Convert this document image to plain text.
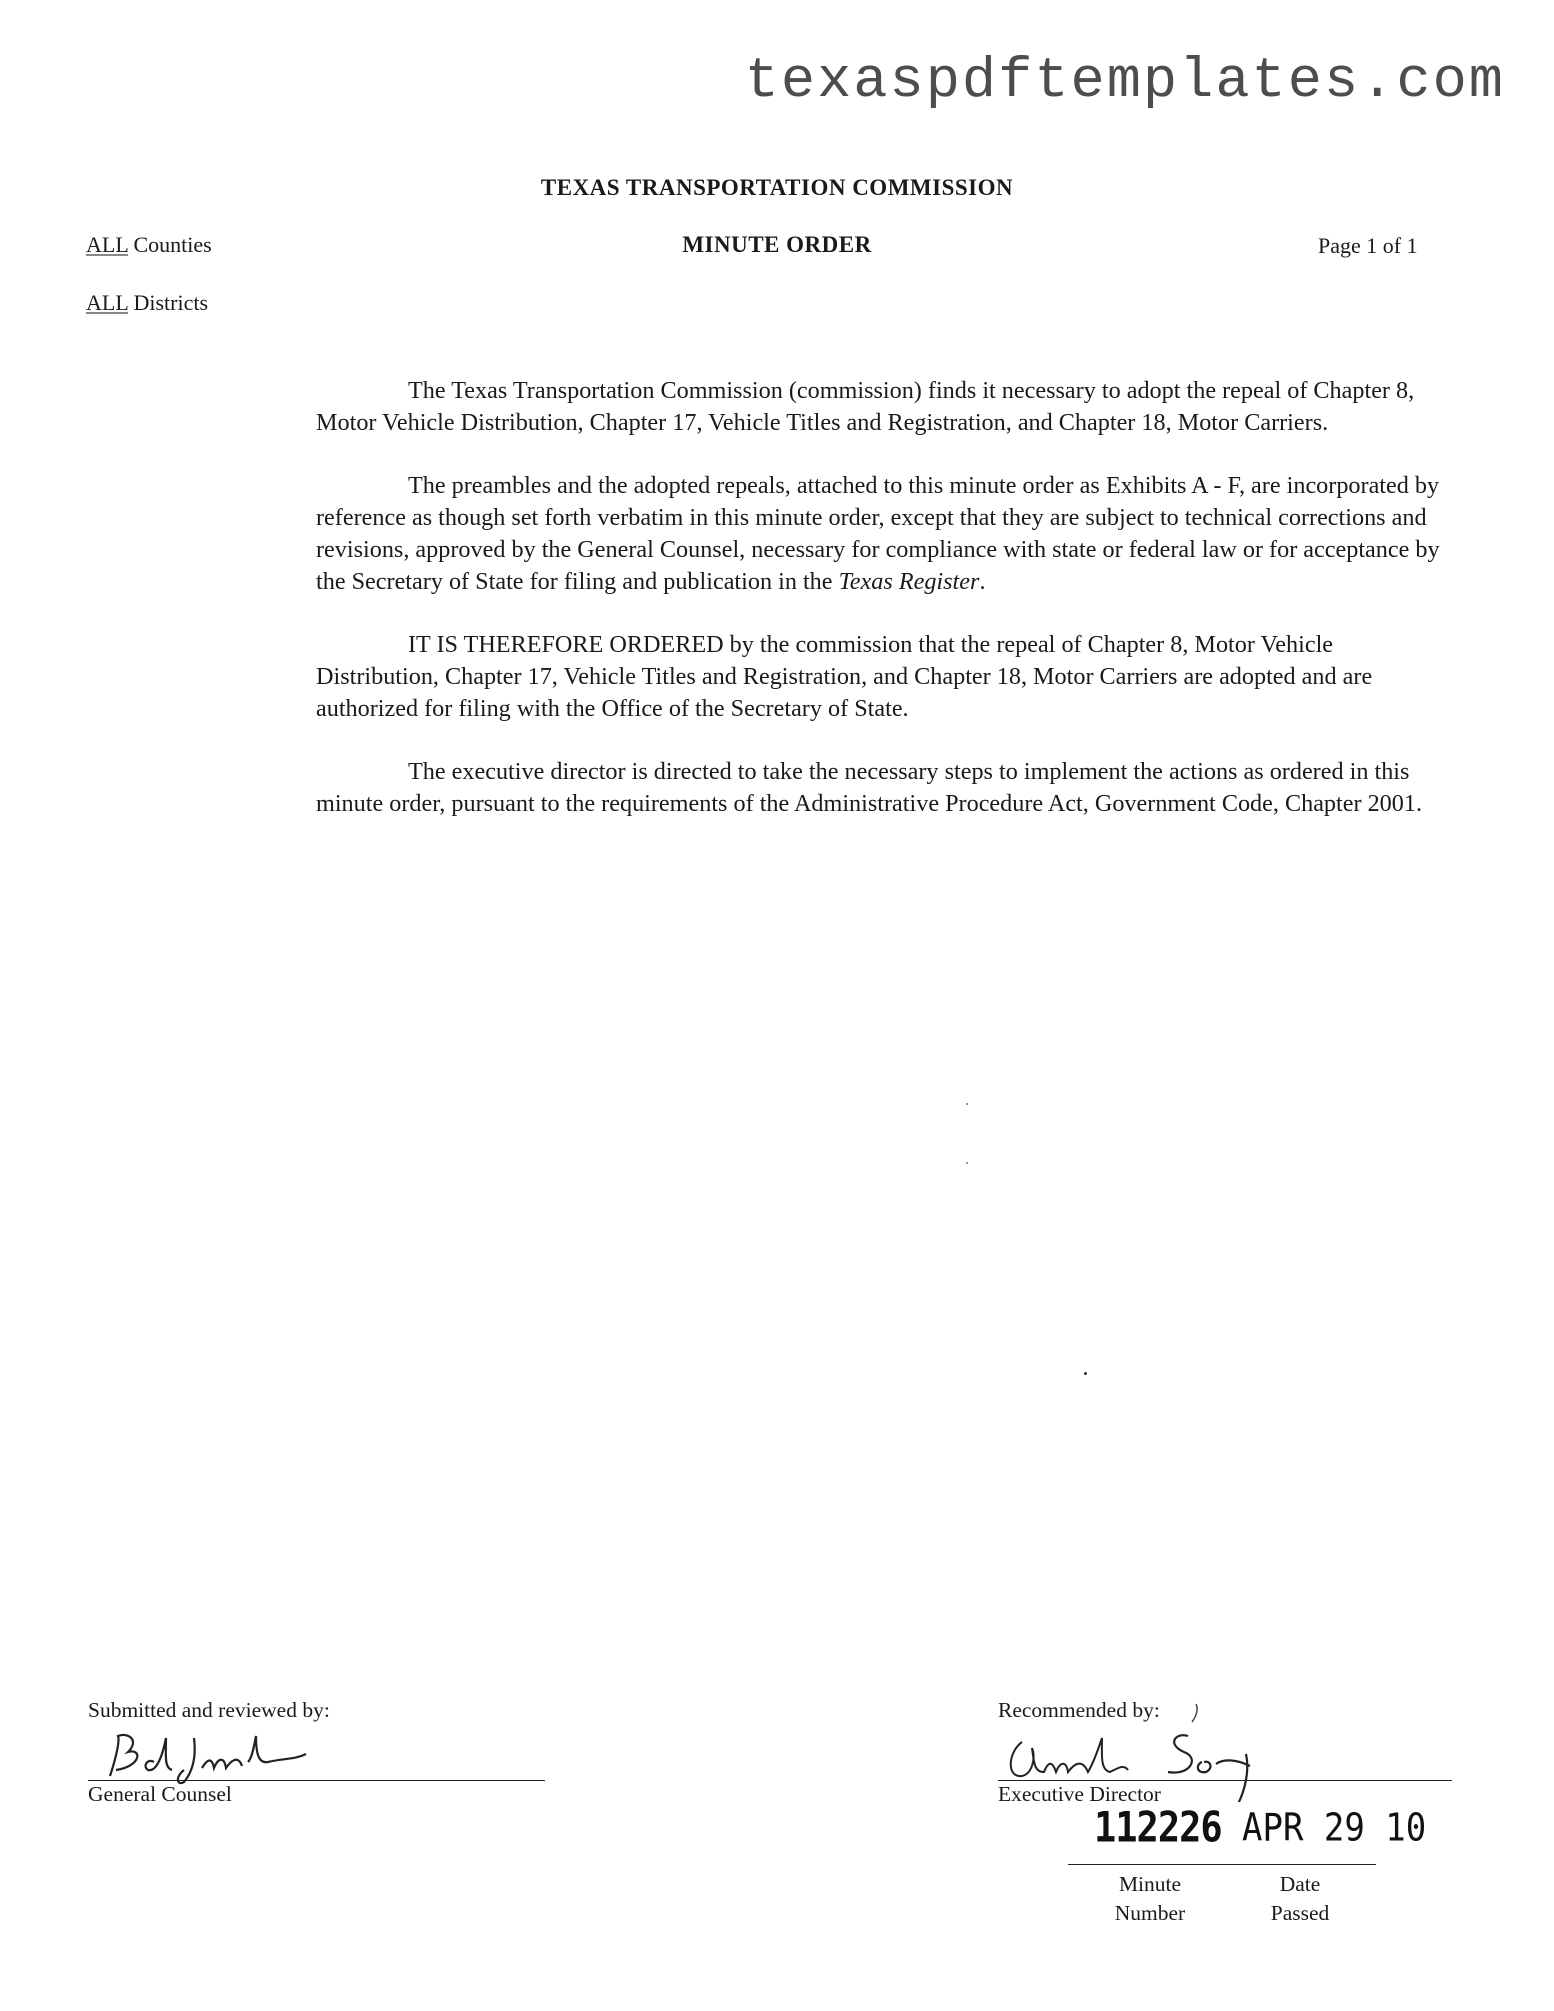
texaspdftemplates.com
TEXAS TRANSPORTATION COMMISSION
MINUTE ORDER
ALL Counties
ALL Districts
Page 1 of 1

The Texas Transportation Commission (commission) finds it necessary to adopt the repeal of Chapter 8, Motor Vehicle Distribution, Chapter 17, Vehicle Titles and Registration, and Chapter 18, Motor Carriers.

The preambles and the adopted repeals, attached to this minute order as Exhibits A - F, are incorporated by reference as though set forth verbatim in this minute order, except that they are subject to technical corrections and revisions, approved by the General Counsel, necessary for compliance with state or federal law or for acceptance by the Secretary of State for filing and publication in the Texas Register.

IT IS THEREFORE ORDERED by the commission that the repeal of Chapter 8, Motor Vehicle Distribution, Chapter 17, Vehicle Titles and Registration, and Chapter 18, Motor Carriers are adopted and are authorized for filing with the Office of the Secretary of State.

The executive director is directed to take the necessary steps to implement the actions as ordered in this minute order, pursuant to the requirements of the Administrative Procedure Act, Government Code, Chapter 2001.

Submitted and reviewed by:
General Counsel
Recommended by:
Executive Director
112226 APR 29 10
Minute
Number
Date
Passed
